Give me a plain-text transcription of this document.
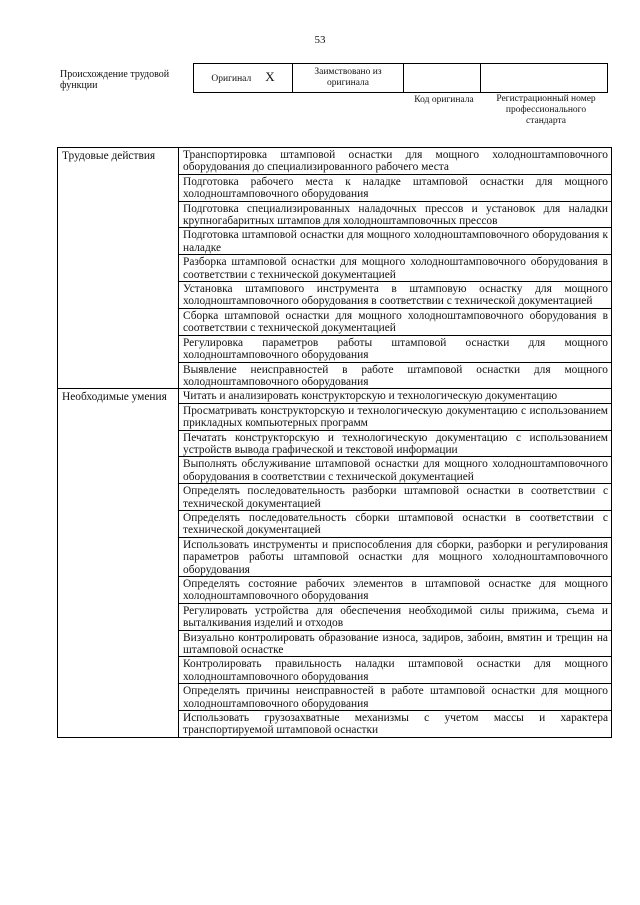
53
Происхождение трудовой функции
Оригинал X	Заимствовано из оригинала		
Код оригинала	Регистрационный номер профессионального стандарта
Трудовые действия	Транспортировка штамповой оснастки для мощного холодноштамповочного оборудования до специализированного рабочего места
	Подготовка рабочего места к наладке штамповой оснастки для мощного холодноштамповочного оборудования
	Подготовка специализированных наладочных прессов и установок для наладки крупногабаритных штампов для холодноштамповочных прессов
	Подготовка штамповой оснастки для мощного холодноштамповочного оборудования к наладке
	Разборка штамповой оснастки для мощного холодноштамповочного оборудования в соответствии с технической документацией
	Установка штампового инструмента в штамповую оснастку для мощного холодноштамповочного оборудования в соответствии с технической документацией
	Сборка штамповой оснастки для мощного холодноштамповочного оборудования в соответствии с технической документацией
	Регулировка параметров работы штамповой оснастки для мощного холодноштамповочного оборудования
	Выявление неисправностей в работе штамповой оснастки для мощного холодноштамповочного оборудования
Необходимые умения	Читать и анализировать конструкторскую и технологическую документацию
	Просматривать конструкторскую и технологическую документацию с использованием прикладных компьютерных программ
	Печатать конструкторскую и технологическую документацию с использованием устройств вывода графической и текстовой информации
	Выполнять обслуживание штамповой оснастки для мощного холодноштамповочного оборудования в соответствии с технической документацией
	Определять последовательность разборки штамповой оснастки в соответствии с технической документацией
	Определять последовательность сборки штамповой оснастки в соответствии с технической документацией
	Использовать инструменты и приспособления для сборки, разборки и регулирования параметров работы штамповой оснастки для мощного холодноштамповочного оборудования
	Определять состояние рабочих элементов в штамповой оснастке для мощного холодноштамповочного оборудования
	Регулировать устройства для обеспечения необходимой силы прижима, съема и выталкивания изделий и отходов
	Визуально контролировать образование износа, задиров, забоин, вмятин и трещин на штамповой оснастке
	Контролировать правильность наладки штамповой оснастки для мощного холодноштамповочного оборудования
	Определять причины неисправностей в работе штамповой оснастки для мощного холодноштамповочного оборудования
	Использовать грузозахватные механизмы с учетом массы и характера транспортируемой штамповой оснастки
